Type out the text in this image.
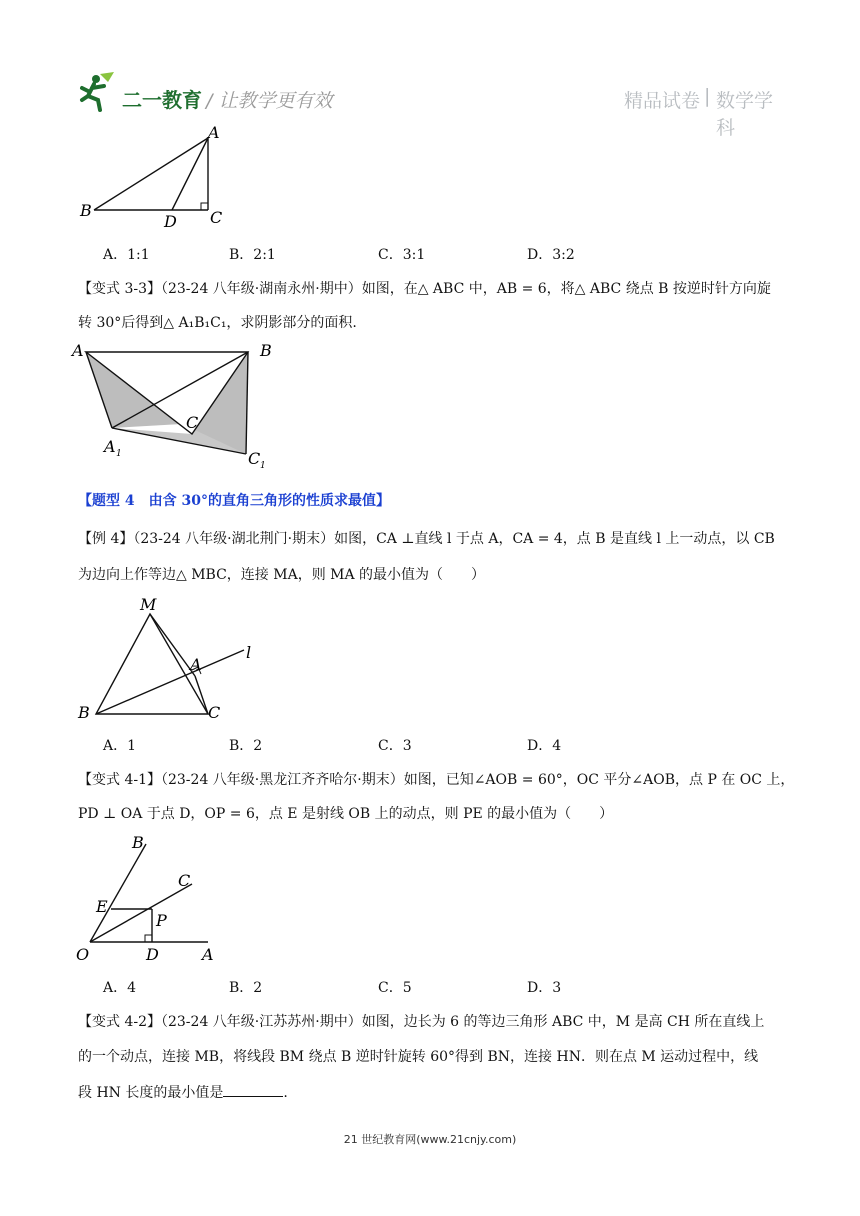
二一教育 / 让教学更有效	精品试卷 | 数学学科
A
B	C
D
A．1:1	B．2:1	C．3:1	D．3:2
【变式 3-3】（23-24 八年级·湖南永州·期中）如图，在△ ABC 中，AB = 6，将△ ABC 绕点 B 按逆时针方向旋
转 30°后得到△ A₁B₁C₁，求阴影部分的面积.
A	B
C
A 1	C 1
【题型 4　由含 30°的直角三角形的性质求最值】
【例 4】（23-24 八年级·湖北荆门·期末）如图，CA ⊥直线 l 于点 A，CA = 4，点 B 是直线 l 上一动点，以 CB
为边向上作等边△ MBC，连接 MA，则 MA 的最小值为（　　）
M
A
l
B	C
A．1	B．2	C．3	D．4
【变式 4-1】（23-24 八年级·黑龙江齐齐哈尔·期末）如图，已知∠AOB = 60°，OC 平分∠AOB，点 P 在 OC 上，
PD ⊥ OA 于点 D，OP = 6，点 E 是射线 OB 上的动点，则 PE 的最小值为（　　）
B
C
E
P
O	D	A
A．4	B．2	C．5	D．3
【变式 4-2】（23-24 八年级·江苏苏州·期中）如图，边长为 6 的等边三角形 ABC 中，M 是高 CH 所在直线上
的一个动点，连接 MB，将线段 BM 绕点 B 逆时针旋转 60°得到 BN，连接 HN．则在点 M 运动过程中，线
段 HN 长度的最小值是	.
21 世纪教育网(www.21cnjy.com)
